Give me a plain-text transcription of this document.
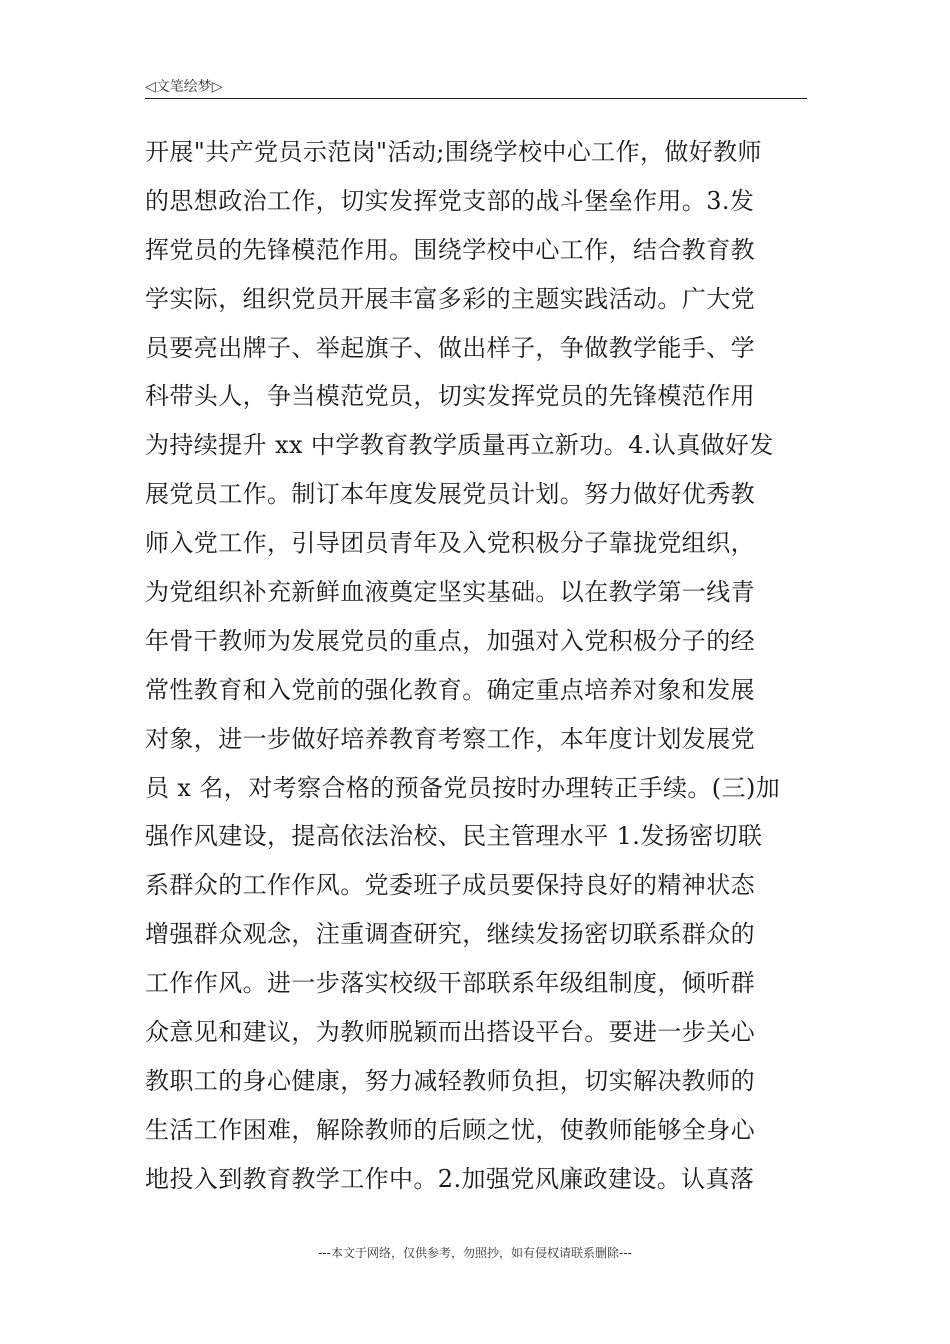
◁文笔绘梦▷
开展"共产党员示范岗"活动;围绕学校中心工作，做好教师
的思想政治工作，切实发挥党支部的战斗堡垒作用。3.发
挥党员的先锋模范作用。围绕学校中心工作，结合教育教
学实际，组织党员开展丰富多彩的主题实践活动。广大党
员要亮出牌子、举起旗子、做出样子，争做教学能手、学
科带头人，争当模范党员，切实发挥党员的先锋模范作用
为持续提升 xx 中学教育教学质量再立新功。4.认真做好发
展党员工作。制订本年度发展党员计划。努力做好优秀教
师入党工作，引导团员青年及入党积极分子靠拢党组织，
为党组织补充新鲜血液奠定坚实基础。以在教学第一线青
年骨干教师为发展党员的重点，加强对入党积极分子的经
常性教育和入党前的强化教育。确定重点培养对象和发展
对象，进一步做好培养教育考察工作，本年度计划发展党
员 x 名，对考察合格的预备党员按时办理转正手续。(三)加
强作风建设，提高依法治校、民主管理水平 1.发扬密切联
系群众的工作作风。党委班子成员要保持良好的精神状态
增强群众观念，注重调查研究，继续发扬密切联系群众的
工作作风。进一步落实校级干部联系年级组制度，倾听群
众意见和建议，为教师脱颖而出搭设平台。要进一步关心
教职工的身心健康，努力减轻教师负担，切实解决教师的
生活工作困难，解除教师的后顾之忧，使教师能够全身心
地投入到教育教学工作中。2.加强党风廉政建设。认真落
---本文于网络，仅供参考，勿照抄，如有侵权请联系删除---
